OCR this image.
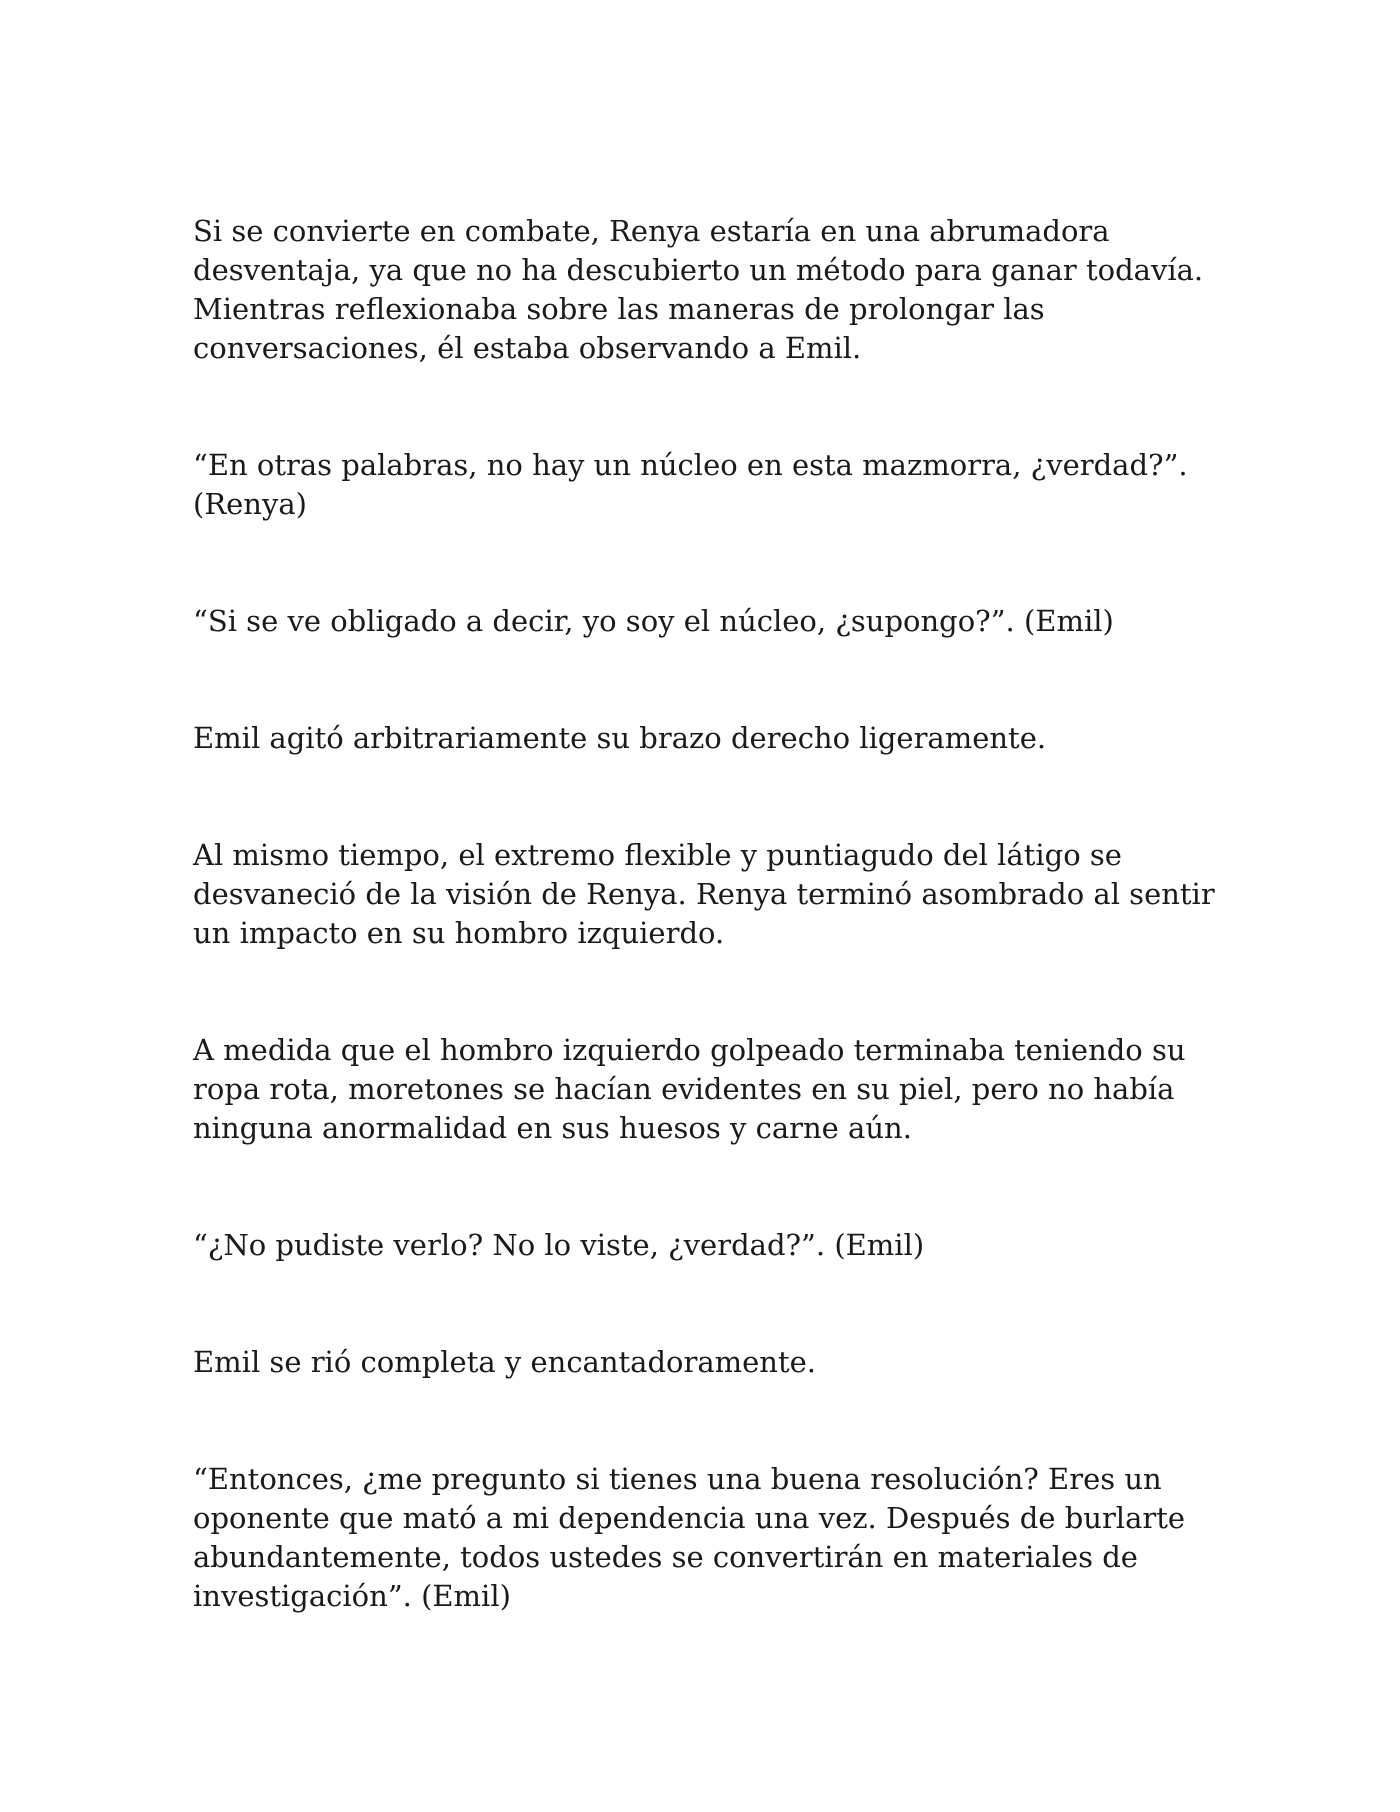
Si se convierte en combate, Renya estaría en una abrumadora desventaja, ya que no ha descubierto un método para ganar todavía. Mientras reflexionaba sobre las maneras de prolongar las conversaciones, él estaba observando a Emil.

“En otras palabras, no hay un núcleo en esta mazmorra, ¿verdad?”. (Renya)

“Si se ve obligado a decir, yo soy el núcleo, ¿supongo?”. (Emil)

Emil agitó arbitrariamente su brazo derecho ligeramente.

Al mismo tiempo, el extremo flexible y puntiagudo del látigo se desvaneció de la visión de Renya. Renya terminó asombrado al sentir un impacto en su hombro izquierdo.

A medida que el hombro izquierdo golpeado terminaba teniendo su ropa rota, moretones se hacían evidentes en su piel, pero no había ninguna anormalidad en sus huesos y carne aún.

“¿No pudiste verlo? No lo viste, ¿verdad?”. (Emil)

Emil se rió completa y encantadoramente.

“Entonces, ¿me pregunto si tienes una buena resolución? Eres un oponente que mató a mi dependencia una vez. Después de burlarte abundantemente, todos ustedes se convertirán en materiales de investigación”. (Emil)
